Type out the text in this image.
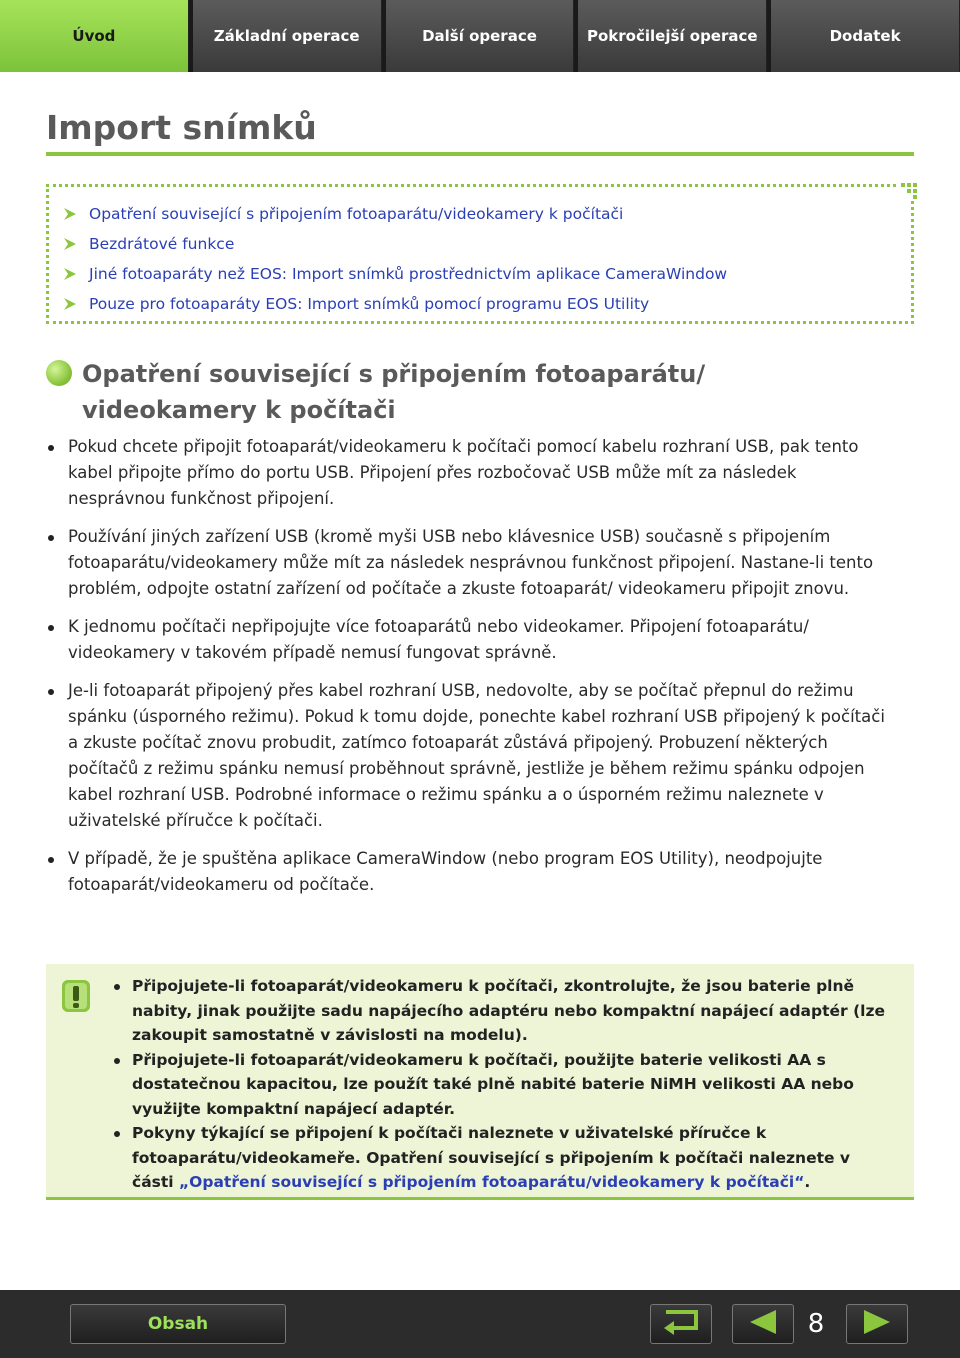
Úvod	Základní operace	Další operace	Pokročilejší operace	Dodatek
Import snímků
Opatření související s připojením fotoaparátu/videokamery k počítači
Bezdrátové funkce
Jiné fotoaparáty než EOS: Import snímků prostřednictvím aplikace CameraWindow
Pouze pro fotoaparáty EOS: Import snímků pomocí programu EOS Utility
Opatření související s připojením fotoaparátu/ videokamery k počítači

Pokud chcete připojit fotoaparát/videokameru k počítači pomocí kabelu rozhraní USB, pak tento kabel připojte přímo do portu USB. Připojení přes rozbočovač USB může mít za následek nesprávnou funkčnost připojení.

Používání jiných zařízení USB (kromě myši USB nebo klávesnice USB) současně s připojením fotoaparátu/videokamery může mít za následek nesprávnou funkčnost připojení. Nastane-li tento problém, odpojte ostatní zařízení od počítače a zkuste fotoaparát/ videokameru připojit znovu.

K jednomu počítači nepřipojujte více fotoaparátů nebo videokamer. Připojení fotoaparátu/ videokamery v takovém případě nemusí fungovat správně.

Je-li fotoaparát připojený přes kabel rozhraní USB, nedovolte, aby se počítač přepnul do režimu spánku (úsporného režimu). Pokud k tomu dojde, ponechte kabel rozhraní USB připojený k počítači a zkuste počítač znovu probudit, zatímco fotoaparát zůstává připojený. Probuzení některých počítačů z režimu spánku nemusí proběhnout správně, jestliže je během režimu spánku odpojen kabel rozhraní USB. Podrobné informace o režimu spánku a o úsporném režimu naleznete v uživatelské příručce k počítači.

V případě, že je spuštěna aplikace CameraWindow (nebo program EOS Utility), neodpojujte fotoaparát/videokameru od počítače.

Připojujete-li fotoaparát/videokameru k počítači, zkontrolujte, že jsou baterie plně nabity, jinak použijte sadu napájecího adaptéru nebo kompaktní napájecí adaptér (lze zakoupit samostatně v závislosti na modelu).
Připojujete-li fotoaparát/videokameru k počítači, použijte baterie velikosti AA s dostatečnou kapacitou, lze použít také plně nabité baterie NiMH velikosti AA nebo využijte kompaktní napájecí adaptér.
Pokyny týkající se připojení k počítači naleznete v uživatelské příručce k fotoaparátu/videokameře. Opatření související s připojením k počítači naleznete v části „Opatření související s připojením fotoaparátu/videokamery k počítači“.
Obsah	8
